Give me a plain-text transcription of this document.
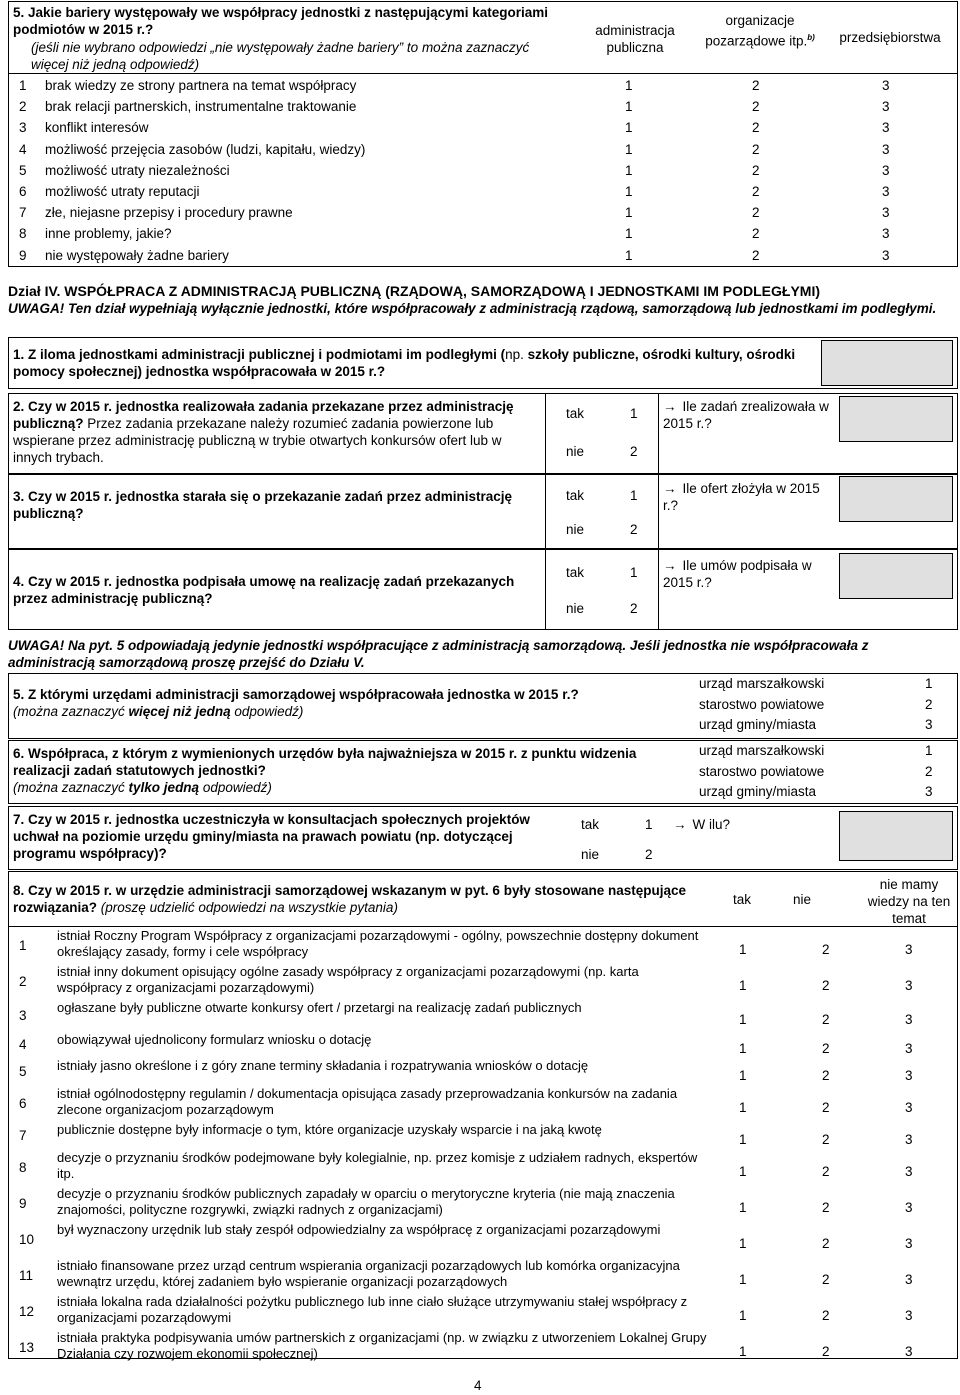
5. Jakie bariery występowały we współpracy jednostki z następującymi kategoriami podmiotów w 2015 r.?
(jeśli nie wybrano odpowiedzi „nie występowały żadne bariery” to można zaznaczyć więcej niż jedną odpowiedź)
administracja publiczna
organizacje pozarządowe itp.$^{b)}$	przedsiębiorstwa
1 brak wiedzy ze strony partnera na temat współpracy	1	2	3
2 brak relacji partnerskich, instrumentalne traktowanie	1	2	3
3 konflikt interesów	1	2	3
4 możliwość przejęcia zasobów (ludzi, kapitału, wiedzy)	1	2	3
5 możliwość utraty niezależności	1	2	3
6 możliwość utraty reputacji	1	2	3
7 złe, niejasne przepisy i procedury prawne	1	2	3
8 inne problemy, jakie?	1	2	3
9 nie występowały żadne bariery	1	2	3
Dział IV. WSPÓŁPRACA Z ADMINISTRACJĄ PUBLICZNĄ (RZĄDOWĄ, SAMORZĄDOWĄ I JEDNOSTKAMI IM PODLEGŁYMI)
UWAGA! Ten dział wypełniają wyłącznie jednostki, które współpracowały z administracją rządową, samorządową lub jednostkami im podległymi.
1. Z iloma jednostkami administracji publicznej i podmiotami im podległymi (np. szkoły publiczne, ośrodki kultury, ośrodki pomocy społecznej) jednostka współpracowała w 2015 r.?
2. Czy w 2015 r. jednostka realizowała zadania przekazane przez administrację publiczną? Przez zadania przekazane należy rozumieć zadania powierzone lub wspierane przez administrację publiczną w trybie otwartych konkursów ofert lub w innych trybach.
tak	1
nie	2
→ Ile zadań zrealizowała w 2015 r.?
3. Czy w 2015 r. jednostka starała się o przekazanie zadań przez administrację publiczną?
tak	1
nie	2
→ Ile ofert złożyła w 2015 r.?
4. Czy w 2015 r. jednostka podpisała umowę na realizację zadań przekazanych przez administrację publiczną?
tak	1
nie	2
→ Ile umów podpisała w 2015 r.?
UWAGA! Na pyt. 5 odpowiadają jedynie jednostki współpracujące z administracją samorządową. Jeśli jednostka nie współpracowała z administracją samorządową proszę przejść do Działu V.
5. Z którymi urzędami administracji samorządowej współpracowała jednostka w 2015 r.?
(można zaznaczyć więcej niż jedną odpowiedź)
urząd marszałkowski	1
starostwo powiatowe	2
urząd gminy/miasta	3
6. Współpraca, z którym z wymienionych urzędów była najważniejsza w 2015 r. z punktu widzenia realizacji zadań statutowych jednostki?
(można zaznaczyć tylko jedną odpowiedź)
urząd marszałkowski	1
starostwo powiatowe	2
urząd gminy/miasta	3
7. Czy w 2015 r. jednostka uczestniczyła w konsultacjach społecznych projektów uchwał na poziomie urzędu gminy/miasta na prawach powiatu (np. dotyczącej programu współpracy)?
tak	1
nie	2
→ W ilu?
8. Czy w 2015 r. w urzędzie administracji samorządowej wskazanym w pyt. 6 były stosowane następujące rozwiązania? (proszę udzielić odpowiedzi na wszystkie pytania)
tak	nie
nie mamy wiedzy na ten temat
1
istniał Roczny Program Współpracy z organizacjami pozarządowymi - ogólny, powszechnie dostępny dokument określający zasady, formy i cele współpracy	1	2	3
2
istniał inny dokument opisujący ogólne zasady współpracy z organizacjami pozarządowymi (np. karta współpracy z organizacjami pozarządowymi)	1	2	3
3
ogłaszane były publiczne otwarte konkursy ofert / przetargi na realizację zadań publicznych
1	2	3
4 obowiązywał ujednolicony formularz wniosku o dotację
1	2	3
5 istniały jasno określone i z góry znane terminy składania i rozpatrywania wniosków o dotację
1	2	3
6
istniał ogólnodostępny regulamin / dokumentacja opisująca zasady przeprowadzania konkursów na zadania zlecone organizacjom pozarządowym	1	2	3
7 publicznie dostępne były informacje o tym, które organizacje uzyskały wsparcie i na jaką kwotę
1	2	3
8
decyzje o przyznaniu środków podejmowane były kolegialnie, np. przez komisje z udziałem radnych, ekspertów itp.	1	2	3
9
decyzje o przyznaniu środków publicznych zapadały w oparciu o merytoryczne kryteria (nie mają znaczenia znajomości, polityczne rozgrywki, związki radnych z organizacjami)	1	2	3
10
był wyznaczony urzędnik lub stały zespół odpowiedzialny za współpracę z organizacjami pozarządowymi
1	2	3
11
istniało finansowane przez urząd centrum wspierania organizacji pozarządowych lub komórka organizacyjna wewnątrz urzędu, której zadaniem było wspieranie organizacji pozarządowych	1	2	3
12
istniała lokalna rada działalności pożytku publicznego lub inne ciało służące utrzymywaniu stałej współpracy z organizacjami pozarządowymi	1	2	3
13
istniała praktyka podpisywania umów partnerskich z organizacjami (np. w związku z utworzeniem Lokalnej Grupy Działania czy rozwojem ekonomii społecznej)	1	2	3
4
